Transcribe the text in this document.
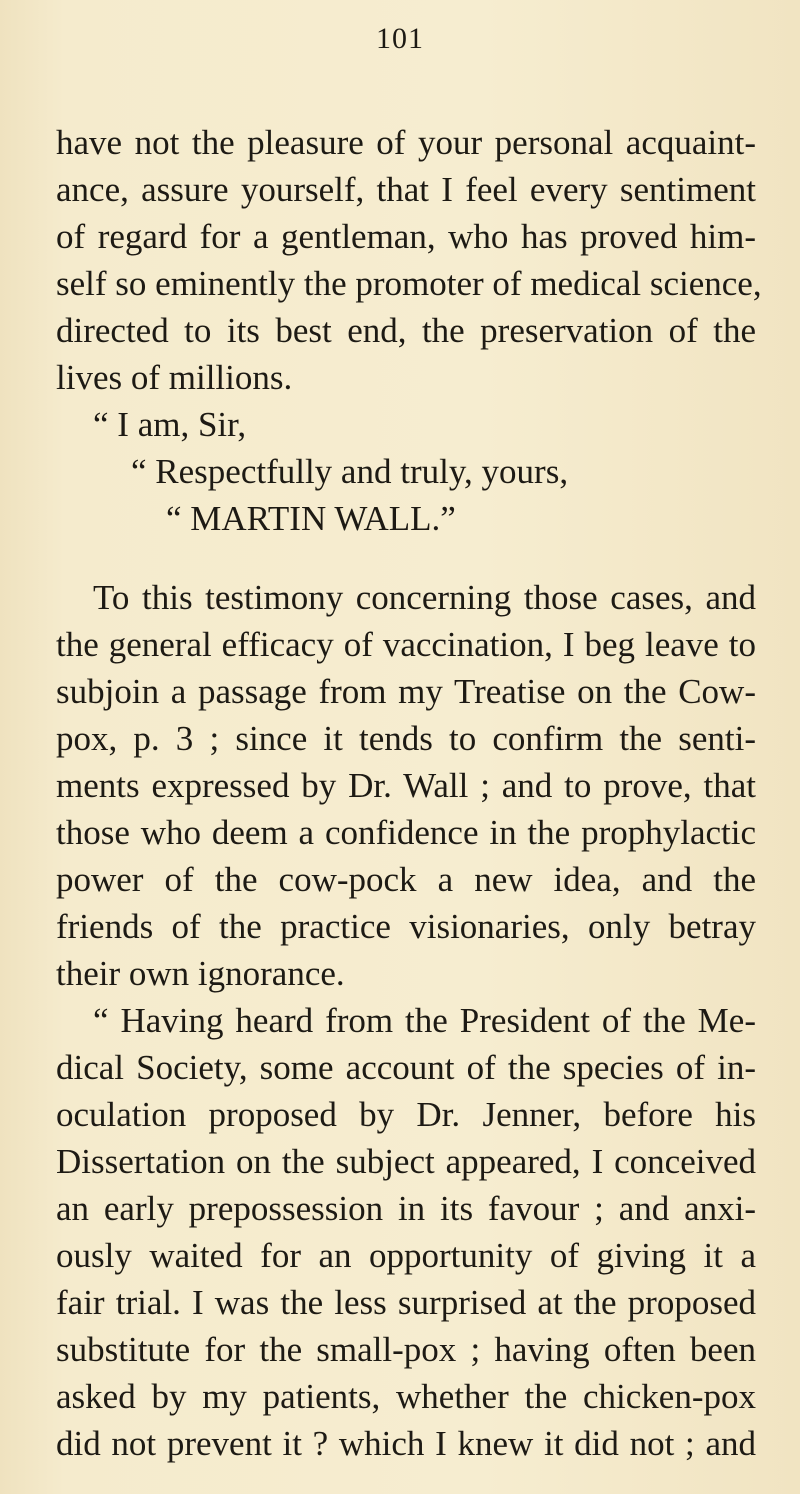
101
have not the pleasure of your personal acquaint-
ance, assure yourself, that I feel every sentiment
of regard for a gentleman, who has proved him-
self so eminently the promoter of medical science,
directed to its best end, the preservation of the
lives of millions.
“ I am, Sir,
“ Respectfully and truly, yours,
“ MARTIN WALL.”
To this testimony concerning those cases, and
the general efficacy of vaccination, I beg leave to
subjoin a passage from my Treatise on the Cow-
pox, p. 3 ; since it tends to confirm the senti-
ments expressed by Dr. Wall ; and to prove, that
those who deem a confidence in the prophylactic
power of the cow-pock a new idea, and the
friends of the practice visionaries, only betray
their own ignorance.
“ Having heard from the President of the Me-
dical Society, some account of the species of in-
oculation proposed by Dr. Jenner, before his
Dissertation on the subject appeared, I conceived
an early prepossession in its favour ; and anxi-
ously waited for an opportunity of giving it a
fair trial. I was the less surprised at the proposed
substitute for the small-pox ; having often been
asked by my patients, whether the chicken-pox
did not prevent it ? which I knew it did not ; and
